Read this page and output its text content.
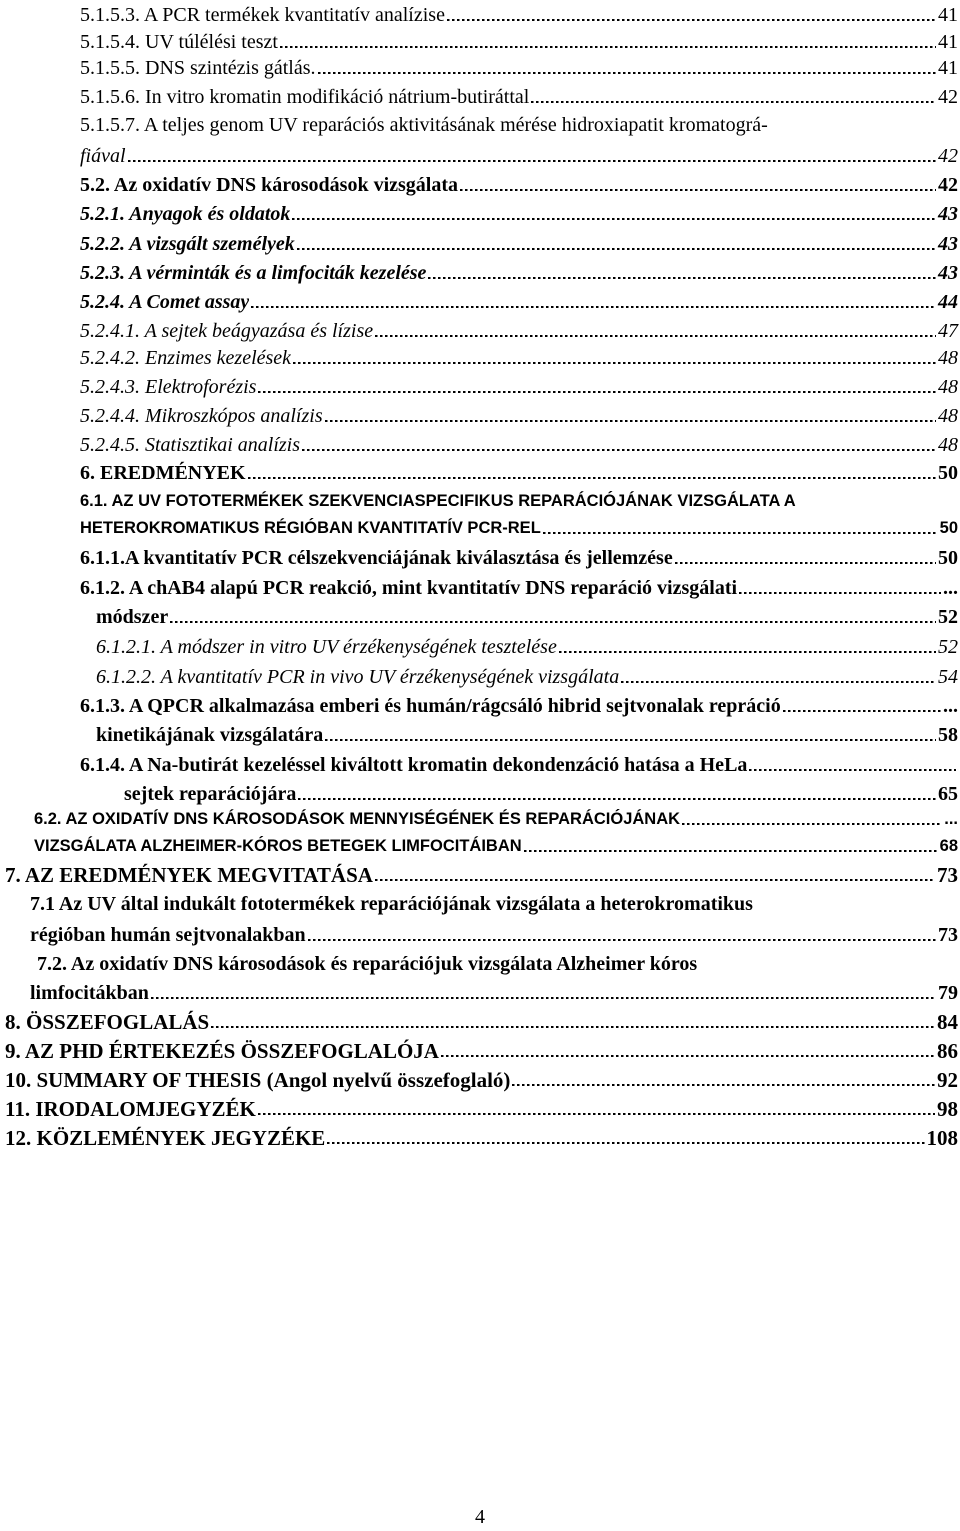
5.1.5.3. A PCR termékek kvantitatív analízise	41
5.1.5.4. UV túlélési teszt	41
5.1.5.5. DNS szintézis gátlás.	41
5.1.5.6. In vitro kromatin modifikáció nátrium-butiráttal	42
5.1.5.7. A teljes genom UV reparációs aktivitásának mérése hidroxiapatit kromatográ-
fiával	42
5.2. Az oxidatív DNS károsodások vizsgálata	42
5.2.1. Anyagok és oldatok	43
5.2.2. A vizsgált személyek	43
5.2.3. A vérminták és a limfociták kezelése	43
5.2.4. A Comet assay	44
5.2.4.1. A sejtek beágyazása és lízise	47
5.2.4.2. Enzimes kezelések	48
5.2.4.3. Elektroforézis	48
5.2.4.4. Mikroszkópos analízis	48
5.2.4.5. Statisztikai analízis	48
6. EREDMÉNYEK	50
6.1. AZ UV FOTOTERMÉKEK SZEKVENCIASPECIFIKUS REPARÁCIÓJÁNAK VIZSGÁLATA A
HETEROKROMATIKUS RÉGIÓBAN KVANTITATÍV PCR-REL	50
6.1.1.A kvantitatív PCR célszekvenciájának kiválasztása és jellemzése	50
6.1.2. A chAB4 alapú PCR reakció, mint kvantitatív DNS reparáció vizsgálati	...
módszer	52
6.1.2.1. A módszer in vitro UV érzékenységének tesztelése	52
6.1.2.2. A kvantitatív PCR in vivo UV érzékenységének vizsgálata	54
6.1.3. A QPCR alkalmazása emberi és humán/rágcsáló hibrid sejtvonalak repráció	...
kinetikájának vizsgálatára	58
6.1.4. A Na-butirát kezeléssel kiváltott kromatin dekondenzáció hatása a HeLa
sejtek reparációjára	65
6.2. AZ OXIDATÍV DNS KÁROSODÁSOK MENNYISÉGÉNEK ÉS REPARÁCIÓJÁNAK	...
VIZSGÁLATA ALZHEIMER-KÓROS BETEGEK LIMFOCITÁIBAN	68
7. AZ EREDMÉNYEK MEGVITATÁSA	73
7.1 Az UV által indukált fototermékek reparációjának vizsgálata a heterokromatikus
régióban humán sejtvonalakban	73
7.2. Az oxidatív DNS károsodások és reparációjuk vizsgálata Alzheimer kóros
limfocitákban	79
8. ÖSSZEFOGLALÁS	84
9. AZ PHD ÉRTEKEZÉS ÖSSZEFOGLALÓJA	86
10. SUMMARY OF THESIS (Angol nyelvű összefoglaló)	92
11. IRODALOMJEGYZÉK	98
12. KÖZLEMÉNYEK JEGYZÉKE	108
4
